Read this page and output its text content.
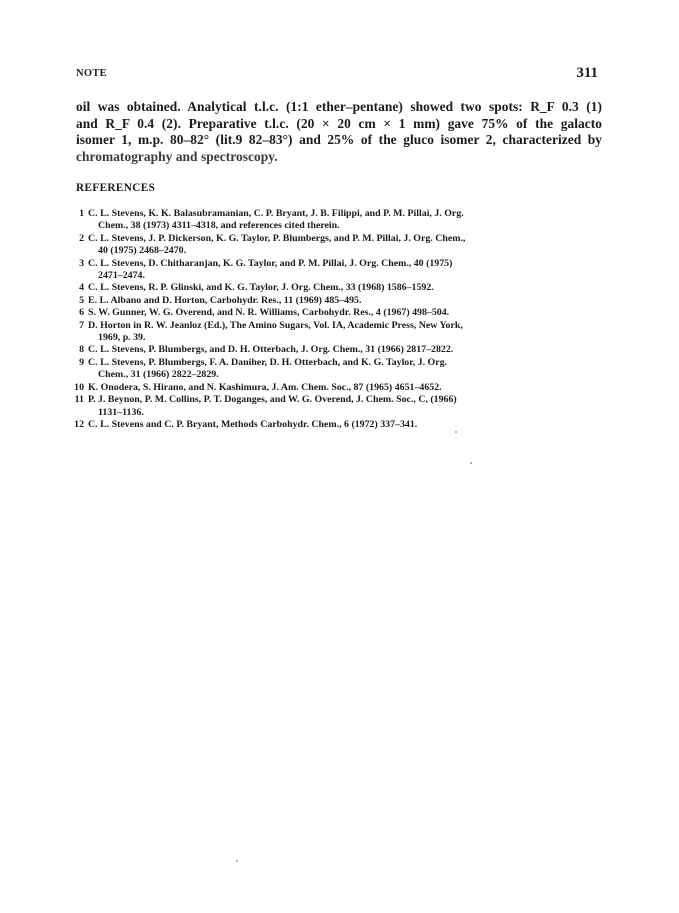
NOTE	311
oil was obtained. Analytical t.l.c. (1:1 ether–pentane) showed two spots: R_F 0.3 (1)
and R_F 0.4 (2). Preparative t.l.c. (20 × 20 cm × 1 mm) gave 75% of the galacto
isomer 1, m.p. 80–82° (lit.9 82–83°) and 25% of the gluco isomer 2, characterized by
chromatography and spectroscopy.
REFERENCES
1 C. L. Stevens, K. K. Balasubramanian, C. P. Bryant, J. B. Filippi, and P. M. Pillai, J. Org.
Chem., 38 (1973) 4311–4318, and references cited therein.
2 C. L. Stevens, J. P. Dickerson, K. G. Taylor, P. Blumbergs, and P. M. Pillai, J. Org. Chem.,
40 (1975) 2468–2470.
3 C. L. Stevens, D. Chitharanjan, K. G. Taylor, and P. M. Pillai, J. Org. Chem., 40 (1975)
2471–2474.
4 C. L. Stevens, R. P. Glinski, and K. G. Taylor, J. Org. Chem., 33 (1968) 1586–1592.
5 E. L. Albano and D. Horton, Carbohydr. Res., 11 (1969) 485–495.
6 S. W. Gunner, W. G. Overend, and N. R. Williams, Carbohydr. Res., 4 (1967) 498–504.
7 D. Horton in R. W. Jeanloz (Ed.), The Amino Sugars, Vol. IA, Academic Press, New York,
1969, p. 39.
8 C. L. Stevens, P. Blumbergs, and D. H. Otterbach, J. Org. Chem., 31 (1966) 2817–2822.
9 C. L. Stevens, P. Blumbergs, F. A. Daniher, D. H. Otterbach, and K. G. Taylor, J. Org.
Chem., 31 (1966) 2822–2829.
10 K. Onodera, S. Hirano, and N. Kashimura, J. Am. Chem. Soc., 87 (1965) 4651–4652.
11 P. J. Beynon, P. M. Collins, P. T. Doganges, and W. G. Overend, J. Chem. Soc., C, (1966)
1131–1136.
12 C. L. Stevens and C. P. Bryant, Methods Carbohydr. Chem., 6 (1972) 337–341.
